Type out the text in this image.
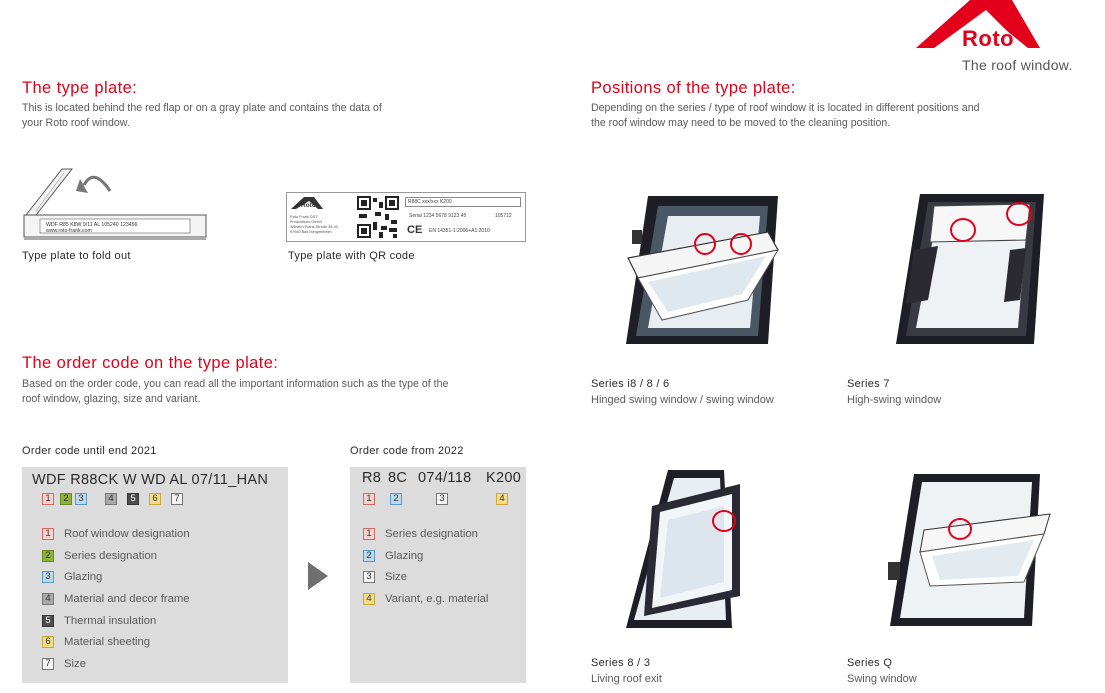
Roto
The roof window.
The type plate:
This is located behind the red flap or on a gray plate and contains the data of
your Roto roof window.
WDF R85 K8W 9/11 AL 105240 123456
www.roto-frank.com
Type plate to fold out
Roto
Roto Frank DST
Produktions-GmbH
Wilhelm-Frank-Straße 38-40
97980 Bad Mergentheim
R88C xxx/xxx K200
Serial 1234 5678 9123 45	105712
CE EN 14351-1:2006+A1:2010
Type plate with QR code
Positions of the type plate:
Depending on the series / type of roof window it is located in different positions and
the roof window may need to be moved to the cleaning position.
Series i8 / 8 / 6
Hinged swing window / swing window
Series 7
High-swing window
Series 8 / 3
Living roof exit
Series Q
Swing window
The order code on the type plate:
Based on the order code, you can read all the important information such as the type of the
roof window, glazing, size and variant.
Order code until end 2021	Order code from 2022
WDF R88CK W WD AL 07/11_HAN
1	2	3	4	5	6	7
1 Roof window designation
2 Series designation
3 Glazing
4 Material and decor frame
5 Thermal insulation
6 Material sheeting
7 Size
R8 8C 074/118 K200
1	2	3	4
1 Series designation
2 Glazing
3 Size
4 Variant, e.g. material
